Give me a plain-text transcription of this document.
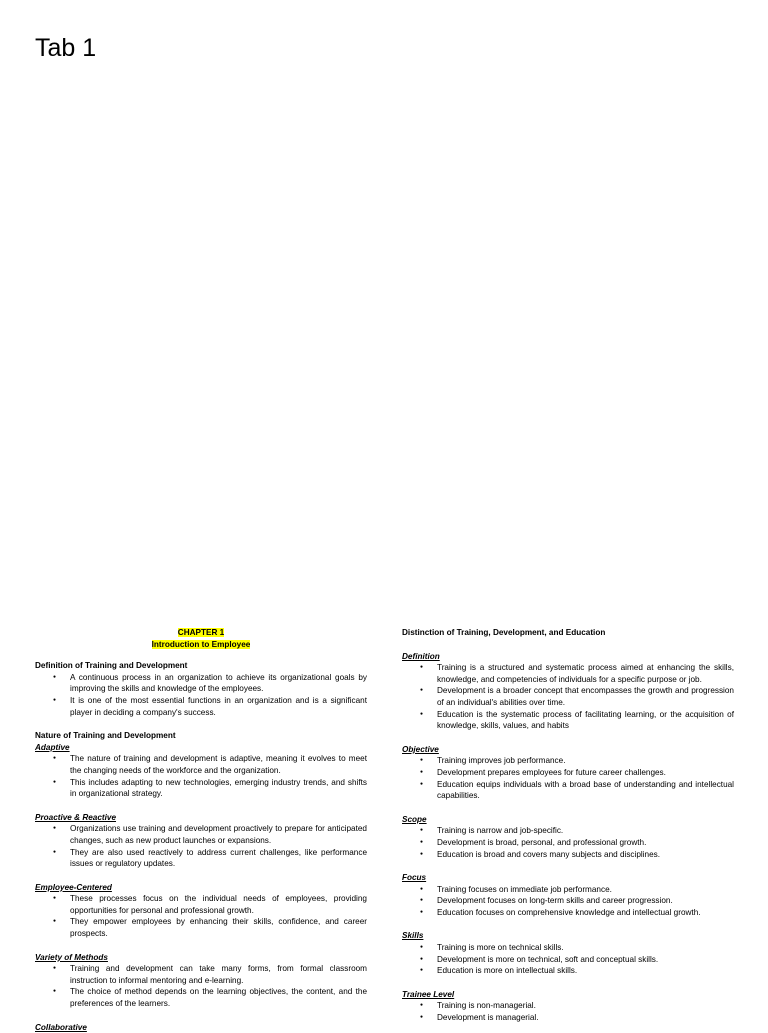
Tab 1

CHAPTER 1

Introduction to Employee

Definition of Training and Development

● A continuous process in an organization to achieve its organizational goals by improving the skills and knowledge of the employees.
● It is one of the most essential functions in an organization and is a significant player in deciding a company's success.

Nature of Training and Development

Adaptive

● The nature of training and development is adaptive, meaning it evolves to meet the changing needs of the workforce and the organization.
● This includes adapting to new technologies, emerging industry trends, and shifts in organizational strategy.

Proactive & Reactive

● Organizations use training and development proactively to prepare for anticipated changes, such as new product launches or expansions.
● They are also used reactively to address current challenges, like performance issues or regulatory updates.

Employee-Centered

● These processes focus on the individual needs of employees, providing opportunities for personal and professional growth.
● They empower employees by enhancing their skills, confidence, and career prospects.

Variety of Methods

● Training and development can take many forms, from formal classroom instruction to informal mentoring and e-learning.
● The choice of method depends on the learning objectives, the content, and the preferences of the learners.

Collaborative

Distinction of Training, Development, and Education

Definition

● Training is a structured and systematic process aimed at enhancing the skills, knowledge, and competencies of individuals for a specific purpose or job.
● Development is a broader concept that encompasses the growth and progression of an individual's abilities over time.
● Education is the systematic process of facilitating learning, or the acquisition of knowledge, skills, values, and habits

Objective

● Training improves job performance.
● Development prepares employees for future career challenges.
● Education equips individuals with a broad base of understanding and intellectual capabilities.

Scope

● Training is narrow and job-specific.
● Development is broad, personal, and professional growth.
● Education is broad and covers many subjects and disciplines.

Focus

● Training focuses on immediate job performance.
● Development focuses on long-term skills and career progression.
● Education focuses on comprehensive knowledge and intellectual growth.

Skills

● Training is more on technical skills.
● Development is more on technical, soft and conceptual skills.
● Education is more on intellectual skills.

Trainee Level

● Training is non-managerial.
● Development is managerial.
